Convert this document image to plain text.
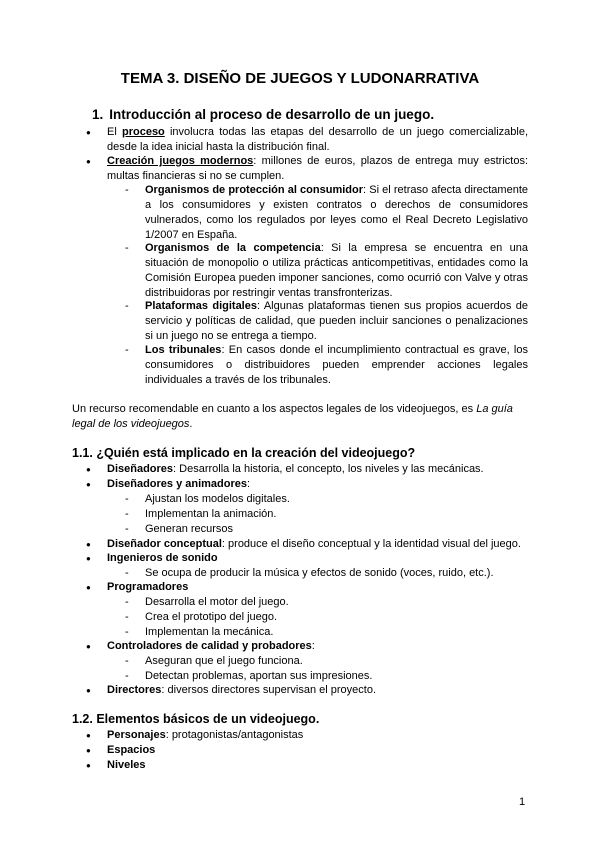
TEMA 3. DISEÑO DE JUEGOS Y LUDONARRATIVA
1. Introducción al proceso de desarrollo de un juego.
● El proceso involucra todas las etapas del desarrollo de un juego comercializable, desde la idea inicial hasta la distribución final.
● Creación juegos modernos: millones de euros, plazos de entrega muy estrictos: multas financieras si no se cumplen.
- Organismos de protección al consumidor: Si el retraso afecta directamente a los consumidores y existen contratos o derechos de consumidores vulnerados, como los regulados por leyes como el Real Decreto Legislativo 1/2007 en España.
- Organismos de la competencia: Si la empresa se encuentra en una situación de monopolio o utiliza prácticas anticompetitivas, entidades como la Comisión Europea pueden imponer sanciones, como ocurrió con Valve y otras distribuidoras por restringir ventas transfronterizas.
- Plataformas digitales: Algunas plataformas tienen sus propios acuerdos de servicio y políticas de calidad, que pueden incluir sanciones o penalizaciones si un juego no se entrega a tiempo.
- Los tribunales: En casos donde el incumplimiento contractual es grave, los consumidores o distribuidores pueden emprender acciones legales individuales a través de los tribunales.
Un recurso recomendable en cuanto a los aspectos legales de los videojuegos, es La guía legal de los videojuegos.
1.1. ¿Quién está implicado en la creación del videojuego?
● Diseñadores: Desarrolla la historia, el concepto, los niveles y las mecánicas.
● Diseñadores y animadores:
- Ajustan los modelos digitales.
- Implementan la animación.
- Generan recursos
● Diseñador conceptual: produce el diseño conceptual y la identidad visual del juego.
● Ingenieros de sonido
- Se ocupa de producir la música y efectos de sonido (voces, ruido, etc.).
● Programadores
- Desarrolla el motor del juego.
- Crea el prototipo del juego.
- Implementan la mecánica.
● Controladores de calidad y probadores:
- Aseguran que el juego funciona.
- Detectan problemas, aportan sus impresiones.
● Directores: diversos directores supervisan el proyecto.
1.2. Elementos básicos de un videojuego.
● Personajes: protagonistas/antagonistas
● Espacios
● Niveles
1
